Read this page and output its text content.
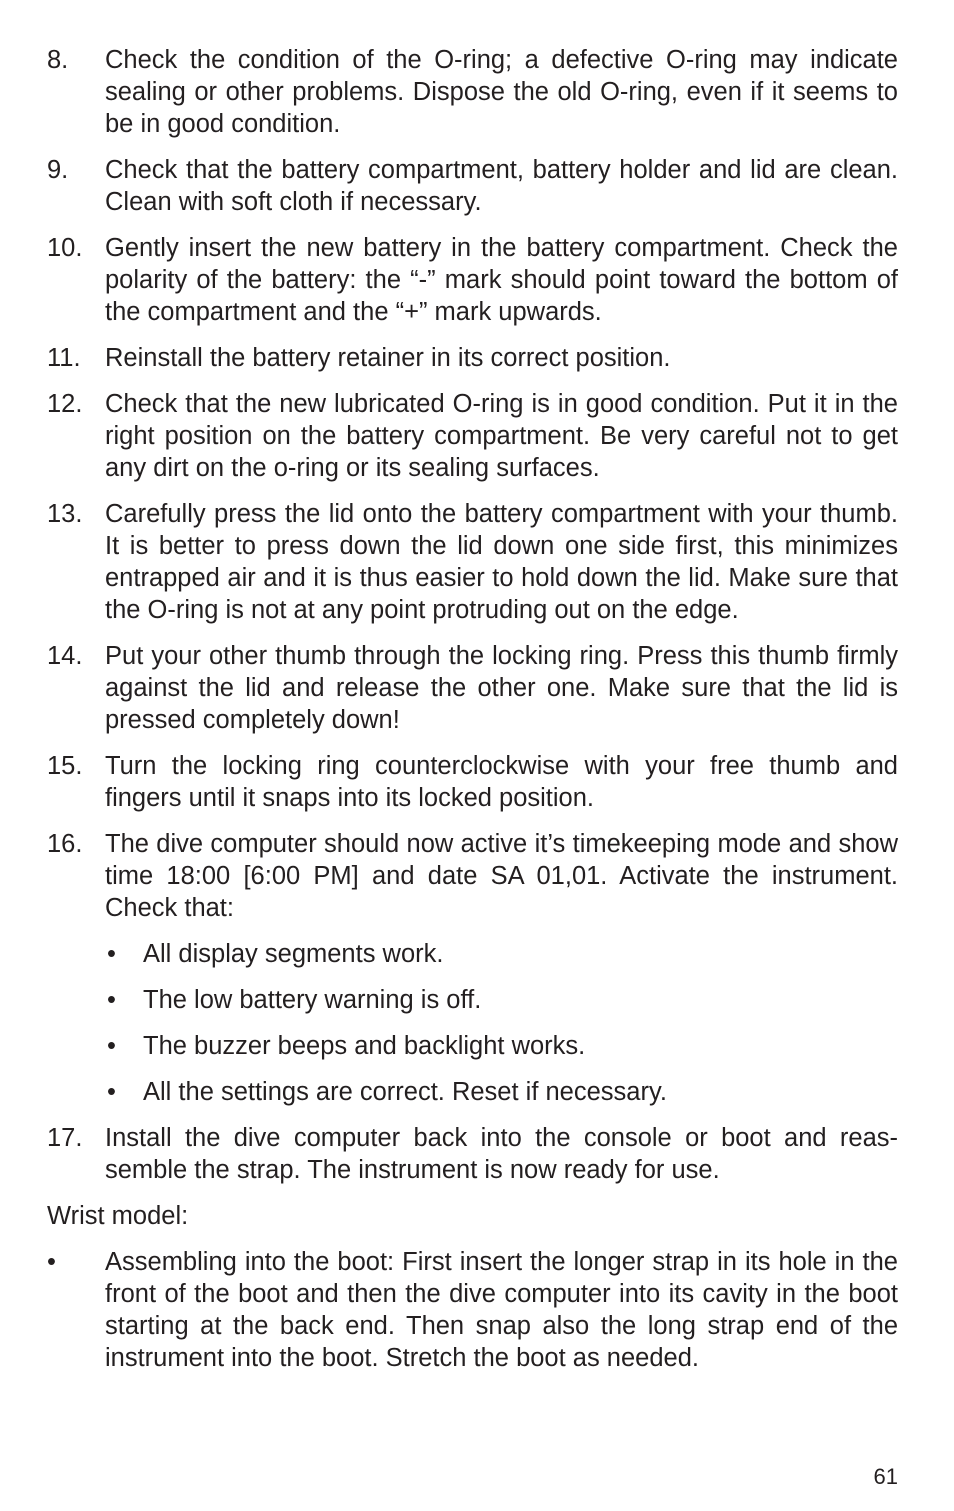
8.	Check the condition of the O-ring; a defective O-ring may indicate sealing or other problems. Dispose the old O-ring, even if it seems to be in good condition.
9.	Check that the battery compartment, battery holder and lid are clean. Clean with soft cloth if necessary.
10. Gently insert the new battery in the battery compartment. Check the polarity of the battery: the “-” mark should point toward the bottom of the compartment and the “+” mark upwards.
11. Reinstall the battery retainer in its correct position.
12. Check that the new lubricated O-ring is in good condition. Put it in the right position on the battery compartment. Be very careful not to get any dirt on the o-ring or its sealing surfaces.
13. Carefully press the lid onto the battery compartment with your thumb. It is better to press down the lid down one side first, this minimizes entrapped air and it is thus easier to hold down the lid. Make sure that the O-ring is not at any point protruding out on the edge.
14. Put your other thumb through the locking ring. Press this thumb firmly against the lid and release the other one. Make sure that the lid is pressed completely down!
15. Turn the locking ring counterclockwise with your free thumb and fingers until it snaps into its locked position.
16. The dive computer should now active it’s timekeeping mode and show time 18:00 [6:00 PM] and date SA 01,01. Activate the instrument. Check that:
• All display segments work.
• The low battery warning is off.
• The buzzer beeps and backlight works.
• All the settings are correct. Reset if necessary.
17. Install the dive computer back into the console or boot and reassemble the strap. The instrument is now ready for use.
Wrist model:
• Assembling into the boot: First insert the longer strap in its hole in the front of the boot and then the dive computer into its cavity in the boot starting at the back end. Then snap also the long strap end of the instrument into the boot. Stretch the boot as needed.
61
